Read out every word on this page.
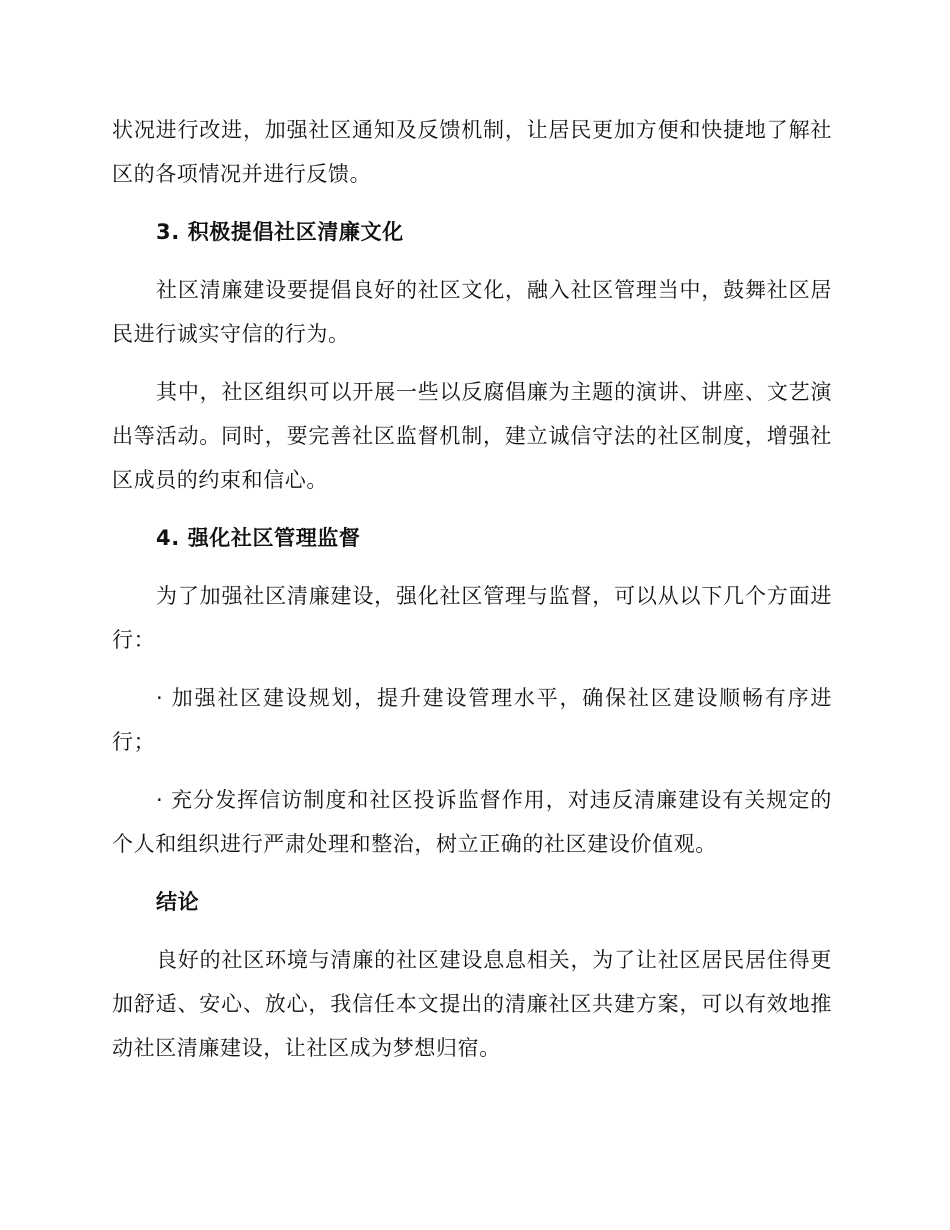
状况进行改进，加强社区通知及反馈机制，让居民更加方便和快捷地了解社区的各项情况并进行反馈。

3. 积极提倡社区清廉文化

社区清廉建设要提倡良好的社区文化，融入社区管理当中，鼓舞社区居民进行诚实守信的行为。

其中，社区组织可以开展一些以反腐倡廉为主题的演讲、讲座、文艺演出等活动。同时，要完善社区监督机制，建立诚信守法的社区制度，增强社区成员的约束和信心。

4. 强化社区管理监督

为了加强社区清廉建设，强化社区管理与监督，可以从以下几个方面进行：

· 加强社区建设规划，提升建设管理水平，确保社区建设顺畅有序进行；

· 充分发挥信访制度和社区投诉监督作用，对违反清廉建设有关规定的个人和组织进行严肃处理和整治，树立正确的社区建设价值观。

结论

良好的社区环境与清廉的社区建设息息相关，为了让社区居民居住得更加舒适、安心、放心，我信任本文提出的清廉社区共建方案，可以有效地推动社区清廉建设，让社区成为梦想归宿。
